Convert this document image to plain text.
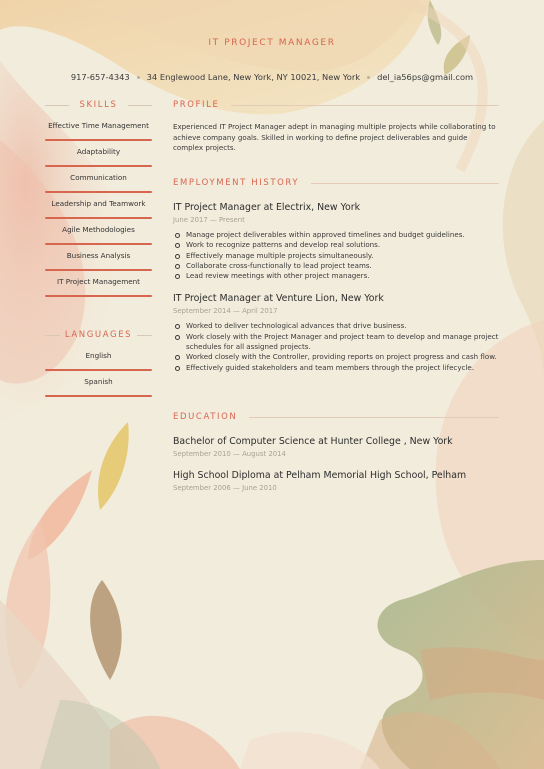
IT PROJECT MANAGER
917-657-4343 34 Englewood Lane, New York, NY 10021, New York del_ia56ps@gmail.com
SKILLS
Effective Time Management
Adaptability
Communication
Leadership and Teamwork
Agile Methodologies
Business Analysis
IT Project Management
LANGUAGES
English
Spanish
PROFILE
Experienced IT Project Manager adept in managing multiple projects while collaborating to achieve company goals. Skilled in working to define project deliverables and guide complex projects.
EMPLOYMENT HISTORY
IT Project Manager at Electrix, New York
June 2017 — Present
Manage project deliverables within approved timelines and budget guidelines.
Work to recognize patterns and develop real solutions.
Effectively manage multiple projects simultaneously.
Collaborate cross-functionally to lead project teams.
Lead review meetings with other project managers.
IT Project Manager at Venture Lion, New York
September 2014 — April 2017
Worked to deliver technological advances that drive business.
Work closely with the Project Manager and project team to develop and manage project schedules for all assigned projects.
Worked closely with the Controller, providing reports on project progress and cash flow.
Effectively guided stakeholders and team members through the project lifecycle.
EDUCATION
Bachelor of Computer Science at Hunter College , New York
September 2010 — August 2014
High School Diploma at Pelham Memorial High School, Pelham
September 2006 — June 2010
